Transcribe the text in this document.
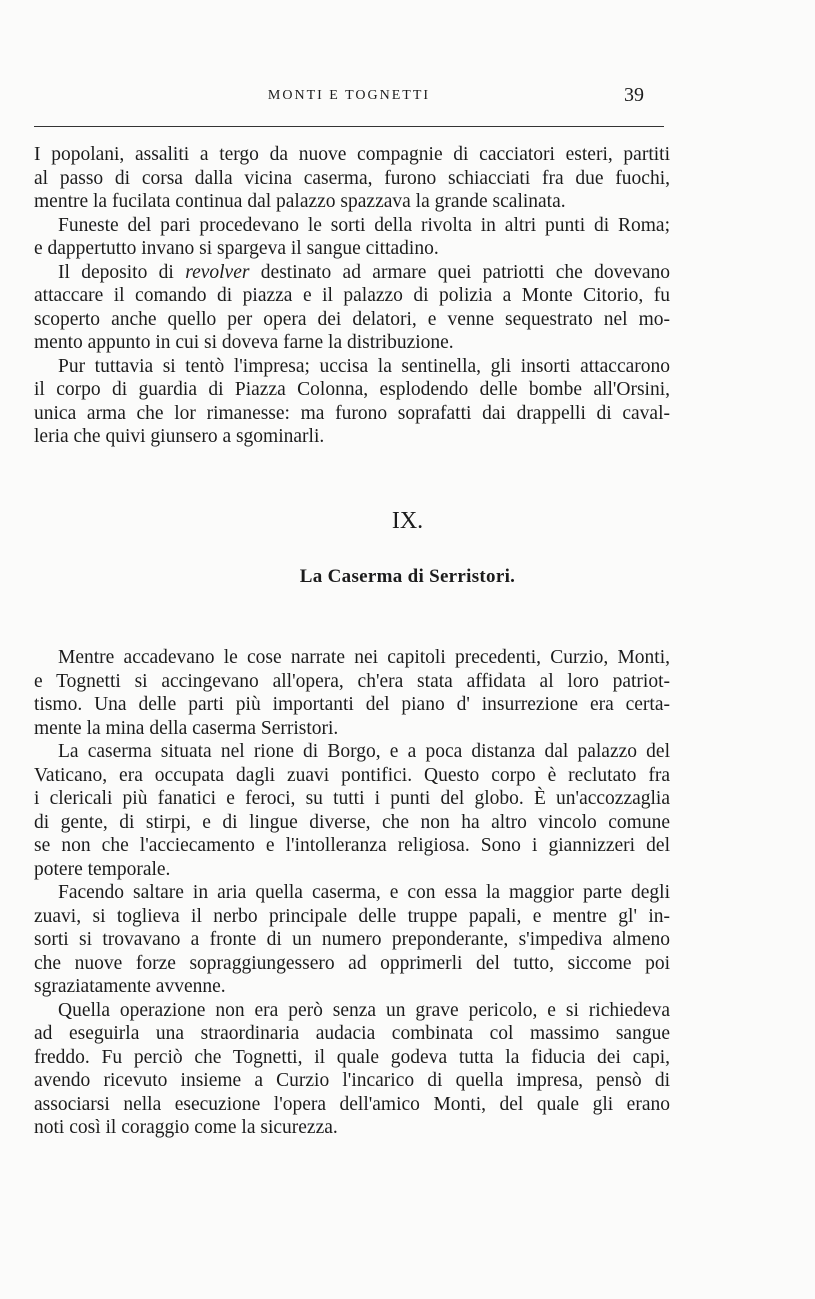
MONTI E TOGNETTI	39
I popolani, assaliti a tergo da nuove compagnie di cacciatori esteri, partiti
al passo di corsa dalla vicina caserma, furono schiacciati fra due fuochi,
mentre la fucilata continua dal palazzo spazzava la grande scalinata.
Funeste del pari procedevano le sorti della rivolta in altri punti di Roma;
e dappertutto invano si spargeva il sangue cittadino.
Il deposito di revolver destinato ad armare quei patriotti che dovevano
attaccare il comando di piazza e il palazzo di polizia a Monte Citorio, fu
scoperto anche quello per opera dei delatori, e venne sequestrato nel mo-
mento appunto in cui si doveva farne la distribuzione.
Pur tuttavia si tentò l'impresa; uccisa la sentinella, gli insorti attaccarono
il corpo di guardia di Piazza Colonna, esplodendo delle bombe all'Orsini,
unica arma che lor rimanesse: ma furono soprafatti dai drappelli di caval-
leria che quivi giunsero a sgominarli.
IX.
La Caserma di Serristori.
Mentre accadevano le cose narrate nei capitoli precedenti, Curzio, Monti,
e Tognetti si accingevano all'opera, ch'era stata affidata al loro patriot-
tismo. Una delle parti più importanti del piano d' insurrezione era certa-
mente la mina della caserma Serristori.
La caserma situata nel rione di Borgo, e a poca distanza dal palazzo del
Vaticano, era occupata dagli zuavi pontifici. Questo corpo è reclutato fra
i clericali più fanatici e feroci, su tutti i punti del globo. È un'accozzaglia
di gente, di stirpi, e di lingue diverse, che non ha altro vincolo comune
se non che l'acciecamento e l'intolleranza religiosa. Sono i giannizzeri del
potere temporale.
Facendo saltare in aria quella caserma, e con essa la maggior parte degli
zuavi, si toglieva il nerbo principale delle truppe papali, e mentre gl' in-
sorti si trovavano a fronte di un numero preponderante, s'impediva almeno
che nuove forze sopraggiungessero ad opprimerli del tutto, siccome poi
sgraziatamente avvenne.
Quella operazione non era però senza un grave pericolo, e si richiedeva
ad eseguirla una straordinaria audacia combinata col massimo sangue
freddo. Fu perciò che Tognetti, il quale godeva tutta la fiducia dei capi,
avendo ricevuto insieme a Curzio l'incarico di quella impresa, pensò di
associarsi nella esecuzione l'opera dell'amico Monti, del quale gli erano
noti così il coraggio come la sicurezza.
